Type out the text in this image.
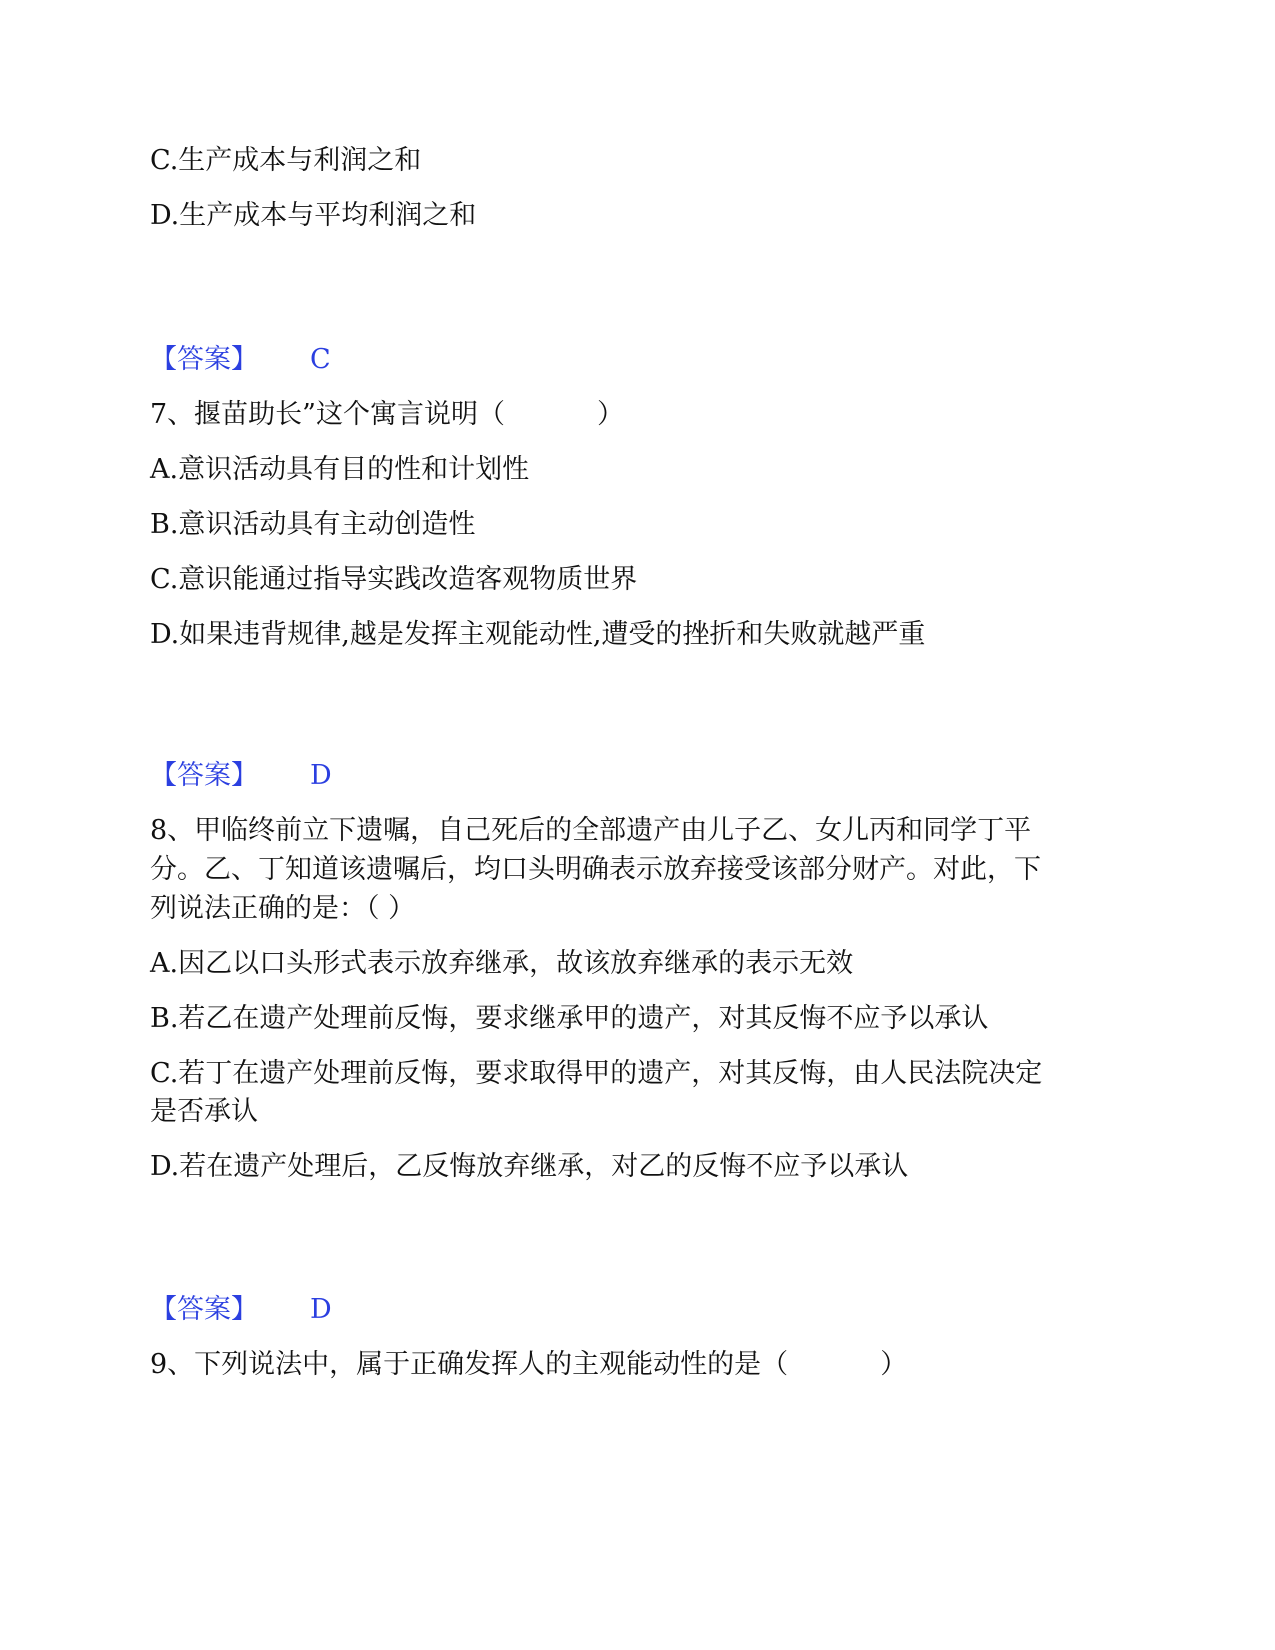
C.生产成本与利润之和
D.生产成本与平均利润之和
【答案】 C
7、揠苗助长”这个寓言说明（	）
A.意识活动具有目的性和计划性
B.意识活动具有主动创造性
C.意识能通过指导实践改造客观物质世界
D.如果违背规律,越是发挥主观能动性,遭受的挫折和失败就越严重
【答案】 D
8、甲临终前立下遗嘱，自己死后的全部遗产由儿子乙、女儿丙和同学丁平
分。乙、丁知道该遗嘱后，均口头明确表示放弃接受该部分财产。对此，下
列说法正确的是：（ ）
A.因乙以口头形式表示放弃继承，故该放弃继承的表示无效
B.若乙在遗产处理前反悔，要求继承甲的遗产，对其反悔不应予以承认
C.若丁在遗产处理前反悔，要求取得甲的遗产，对其反悔，由人民法院决定
是否承认
D.若在遗产处理后，乙反悔放弃继承，对乙的反悔不应予以承认
【答案】 D
9、下列说法中，属于正确发挥人的主观能动性的是（	）
